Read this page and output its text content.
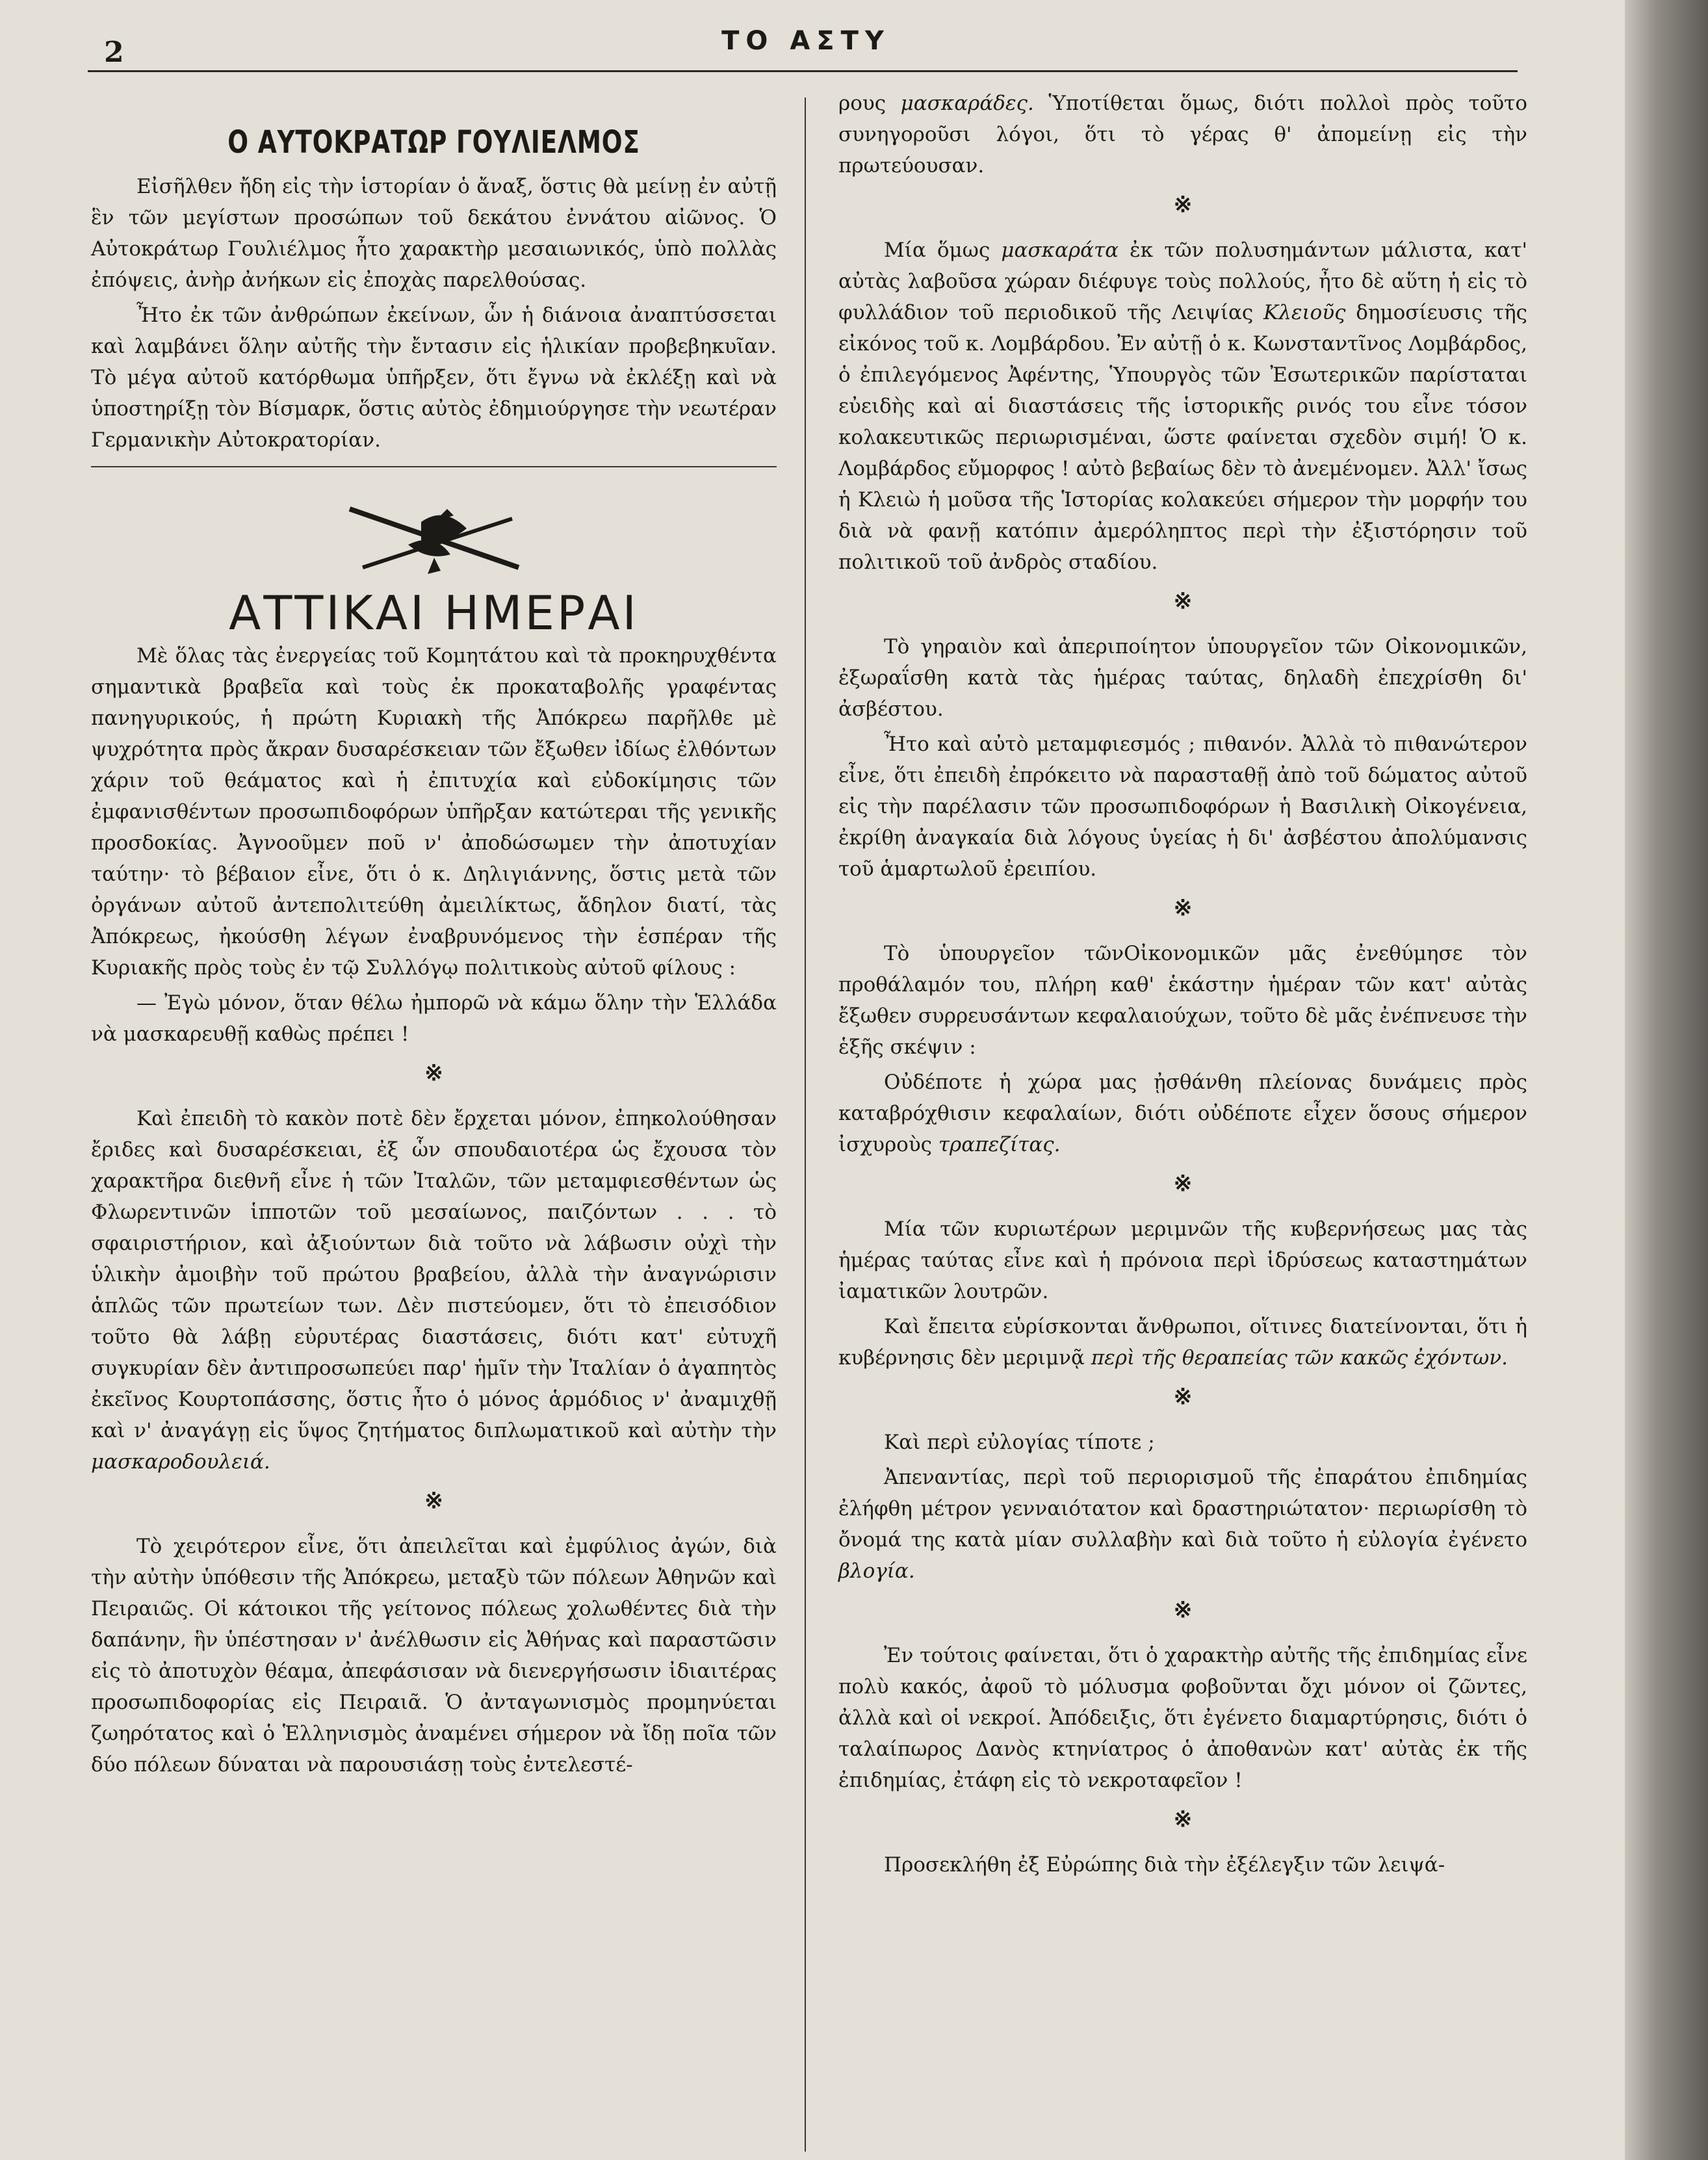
2	ΤΟ ΑΣΤΥ
Ο ΑΥΤΟΚΡΑΤΩΡ ΓΟΥΛΙΕΛΜΟΣ

Εἰσῆλθεν ἤδη εἰς τὴν ἱστορίαν ὁ ἄναξ, ὅστις θὰ μείνῃ ἐν αὐτῇ ἓν τῶν μεγίστων προσώπων τοῦ δεκάτου ἐννάτου αἰῶνος. Ὁ Αὐτοκράτωρ Γουλιέλμος ἦτο χαρακτὴρ μεσαιωνικός, ὑπὸ πολλὰς ἐπόψεις, ἀνὴρ ἀνήκων εἰς ἐποχὰς παρελθούσας.

Ἦτο ἐκ τῶν ἀνθρώπων ἐκείνων, ὧν ἡ διάνοια ἀναπτύσσεται καὶ λαμβάνει ὅλην αὐτῆς τὴν ἔντασιν εἰς ἡλικίαν προβεβηκυῖαν. Τὸ μέγα αὐτοῦ κατόρθωμα ὑπῆρξεν, ὅτι ἔγνω νὰ ἐκλέξῃ καὶ νὰ ὑποστηρίξῃ τὸν Βίσμαρκ, ὅστις αὐτὸς ἐδημιούργησε τὴν νεωτέραν Γερμανικὴν Αὐτοκρατορίαν.

ΑΤΤΙΚΑΙ ΗΜΕΡΑΙ

Μὲ ὅλας τὰς ἐνεργείας τοῦ Κομητάτου καὶ τὰ προκηρυχθέντα σημαντικὰ βραβεῖα καὶ τοὺς ἐκ προκαταβολῆς γραφέντας πανηγυρικούς, ἡ πρώτη Κυριακὴ τῆς Ἀπόκρεω παρῆλθε μὲ ψυχρότητα πρὸς ἄκραν δυσαρέσκειαν τῶν ἔξωθεν ἰδίως ἐλθόντων χάριν τοῦ θεάματος καὶ ἡ ἐπιτυχία καὶ εὐδοκίμησις τῶν ἐμφανισθέντων προσωπιδοφόρων ὑπῆρξαν κατώτεραι τῆς γενικῆς προσδοκίας. Ἀγνοοῦμεν ποῦ ν' ἀποδώσωμεν τὴν ἀποτυχίαν ταύτην· τὸ βέβαιον εἶνε, ὅτι ὁ κ. Δηλιγιάννης, ὅστις μετὰ τῶν ὀργάνων αὐτοῦ ἀντεπολιτεύθη ἀμειλίκτως, ἄδηλον διατί, τὰς Ἀπόκρεως, ἠκούσθη λέγων ἐναβρυνόμενος τὴν ἑσπέραν τῆς Κυριακῆς πρὸς τοὺς ἐν τῷ Συλλόγῳ πολιτικοὺς αὐτοῦ φίλους :

— Ἐγὼ μόνον, ὅταν θέλω ἠμπορῶ νὰ κάμω ὅλην τὴν Ἑλλάδα νὰ μασκαρευθῇ καθὼς πρέπει !

※

Καὶ ἐπειδὴ τὸ κακὸν ποτὲ δὲν ἔρχεται μόνον, ἐπηκολούθησαν ἔριδες καὶ δυσαρέσκειαι, ἐξ ὧν σπουδαιοτέρα ὡς ἔχουσα τὸν χαρακτῆρα διεθνῆ εἶνε ἡ τῶν Ἰταλῶν, τῶν μεταμφιεσθέντων ὡς Φλωρεντινῶν ἱπποτῶν τοῦ μεσαίωνος, παιζόντων . . . τὸ σφαιριστήριον, καὶ ἀξιούντων διὰ τοῦτο νὰ λάβωσιν οὐχὶ τὴν ὑλικὴν ἀμοιβὴν τοῦ πρώτου βραβείου, ἀλλὰ τὴν ἀναγνώρισιν ἁπλῶς τῶν πρωτείων των. Δὲν πιστεύομεν, ὅτι τὸ ἐπεισόδιον τοῦτο θὰ λάβῃ εὐρυτέρας διαστάσεις, διότι κατ' εὐτυχῆ συγκυρίαν δὲν ἀντιπροσωπεύει παρ' ἡμῖν τὴν Ἰταλίαν ὁ ἀγαπητὸς ἐκεῖνος Κουρτοπάσσης, ὅστις ἦτο ὁ μόνος ἁρμόδιος ν' ἀναμιχθῇ καὶ ν' ἀναγάγῃ εἰς ὕψος ζητήματος διπλωματικοῦ καὶ αὐτὴν τὴν μασκαροδουλειά.

※

Τὸ χειρότερον εἶνε, ὅτι ἀπειλεῖται καὶ ἐμφύλιος ἀγών, διὰ τὴν αὐτὴν ὑπόθεσιν τῆς Ἀπόκρεω, μεταξὺ τῶν πόλεων Ἀθηνῶν καὶ Πειραιῶς. Οἱ κάτοικοι τῆς γείτονος πόλεως χολωθέντες διὰ τὴν δαπάνην, ἣν ὑπέστησαν ν' ἀνέλθωσιν εἰς Ἀθήνας καὶ παραστῶσιν εἰς τὸ ἀποτυχὸν θέαμα, ἀπεφάσισαν νὰ διενεργήσωσιν ἰδιαιτέρας προσωπιδοφορίας εἰς Πειραιᾶ. Ὁ ἀνταγωνισμὸς προμηνύεται ζωηρότατος καὶ ὁ Ἑλληνισμὸς ἀναμένει σήμερον νὰ ἴδῃ ποῖα τῶν δύο πόλεων δύναται νὰ παρουσιάσῃ τοὺς ἐντελεστέ-

ρους μασκαράδες. Ὑποτίθεται ὅμως, διότι πολλοὶ πρὸς τοῦτο συνηγοροῦσι λόγοι, ὅτι τὸ γέρας θ' ἀπομείνῃ εἰς τὴν πρωτεύουσαν.

※

Μία ὅμως μασκαράτα ἐκ τῶν πολυσημάντων μάλιστα, κατ' αὐτὰς λαβοῦσα χώραν διέφυγε τοὺς πολλούς, ἦτο δὲ αὕτη ἡ εἰς τὸ φυλλάδιον τοῦ περιοδικοῦ τῆς Λειψίας Κλειοῦς δημοσίευσις τῆς εἰκόνος τοῦ κ. Λομβάρδου. Ἐν αὐτῇ ὁ κ. Κωνσταντῖνος Λομβάρδος, ὁ ἐπιλεγόμενος Ἀφέντης, Ὑπουργὸς τῶν Ἐσωτερικῶν παρίσταται εὐειδὴς καὶ αἱ διαστάσεις τῆς ἱστορικῆς ρινός του εἶνε τόσον κολακευτικῶς περιωρισμέναι, ὥστε φαίνεται σχεδὸν σιμή! Ὁ κ. Λομβάρδος εὔμορφος ! αὐτὸ βεβαίως δὲν τὸ ἀνεμένομεν. Ἀλλ' ἴσως ἡ Κλειὼ ἡ μοῦσα τῆς Ἱστορίας κολακεύει σήμερον τὴν μορφήν του διὰ νὰ φανῇ κατόπιν ἀμερόληπτος περὶ τὴν ἐξιστόρησιν τοῦ πολιτικοῦ τοῦ ἀνδρὸς σταδίου.

※

Τὸ γηραιὸν καὶ ἀπεριποίητον ὑπουργεῖον τῶν Οἰκονομικῶν, ἐξωραΐσθη κατὰ τὰς ἡμέρας ταύτας, δηλαδὴ ἐπεχρίσθη δι' ἀσβέστου.

Ἦτο καὶ αὐτὸ μεταμφιεσμός ; πιθανόν. Ἀλλὰ τὸ πιθανώτερον εἶνε, ὅτι ἐπειδὴ ἐπρόκειτο νὰ παρασταθῇ ἀπὸ τοῦ δώματος αὐτοῦ εἰς τὴν παρέλασιν τῶν προσωπιδοφόρων ἡ Βασιλικὴ Οἰκογένεια, ἐκρίθη ἀναγκαία διὰ λόγους ὑγείας ἡ δι' ἀσβέστου ἀπολύμανσις τοῦ ἁμαρτωλοῦ ἐρειπίου.

※

Τὸ ὑπουργεῖον τῶνΟἰκονομικῶν μᾶς ἐνεθύμησε τὸν προθάλαμόν του, πλήρη καθ' ἑκάστην ἡμέραν τῶν κατ' αὐτὰς ἔξωθεν συρρευσάντων κεφαλαιούχων, τοῦτο δὲ μᾶς ἐνέπνευσε τὴν ἑξῆς σκέψιν :

Οὐδέποτε ἡ χώρα μας ᾐσθάνθη πλείονας δυνάμεις πρὸς καταβρόχθισιν κεφαλαίων, διότι οὐδέποτε εἶχεν ὅσους σήμερον ἰσχυροὺς τραπεζίτας.

※

Μία τῶν κυριωτέρων μεριμνῶν τῆς κυβερνήσεως μας τὰς ἡμέρας ταύτας εἶνε καὶ ἡ πρόνοια περὶ ἱδρύσεως καταστημάτων ἰαματικῶν λουτρῶν.

Καὶ ἔπειτα εὑρίσκονται ἄνθρωποι, οἵτινες διατείνονται, ὅτι ἡ κυβέρνησις δὲν μεριμνᾷ περὶ τῆς θεραπείας τῶν κακῶς ἐχόντων.

※

Καὶ περὶ εὐλογίας τίποτε ;

Ἀπεναντίας, περὶ τοῦ περιορισμοῦ τῆς ἐπαράτου ἐπιδημίας ἐλήφθη μέτρον γενναιότατον καὶ δραστηριώτατον· περιωρίσθη τὸ ὄνομά της κατὰ μίαν συλλαβὴν καὶ διὰ τοῦτο ἡ εὐλογία ἐγένετο βλογία.

※

Ἐν τούτοις φαίνεται, ὅτι ὁ χαρακτὴρ αὐτῆς τῆς ἐπιδημίας εἶνε πολὺ κακός, ἀφοῦ τὸ μόλυσμα φοβοῦνται ὄχι μόνον οἱ ζῶντες, ἀλλὰ καὶ οἱ νεκροί. Ἀπόδειξις, ὅτι ἐγένετο διαμαρτύρησις, διότι ὁ ταλαίπωρος Δανὸς κτηνίατρος ὁ ἀποθανὼν κατ' αὐτὰς ἐκ τῆς ἐπιδημίας, ἐτάφη εἰς τὸ νεκροταφεῖον !

※

Προσεκλήθη ἐξ Εὐρώπης διὰ τὴν ἐξέλεγξιν τῶν λειψά-
